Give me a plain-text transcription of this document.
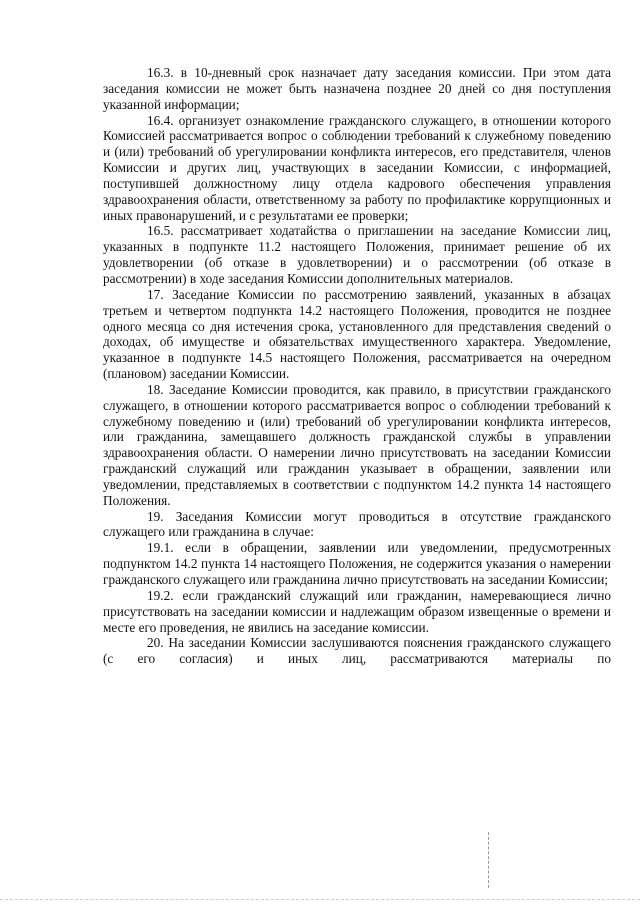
16.3. в 10-дневный срок назначает дату заседания комиссии. При этом дата заседания комиссии не может быть назначена позднее 20 дней со дня поступления указанной информации;

16.4. организует ознакомление гражданского служащего, в отношении которого Комиссией рассматривается вопрос о соблюдении требований к служебному поведению и (или) требований об урегулировании конфликта интересов, его представителя, членов Комиссии и других лиц, участвующих в заседании Комиссии, с информацией, поступившей должностному лицу отдела кадрового обеспечения управления здравоохранения области, ответственному за работу по профилактике коррупционных и иных правонарушений, и с результатами ее проверки;

16.5. рассматривает ходатайства о приглашении на заседание Комиссии лиц, указанных в подпункте 11.2 настоящего Положения, принимает решение об их удовлетворении (об отказе в удовлетворении) и о рассмотрении (об отказе в рассмотрении) в ходе заседания Комиссии дополнительных материалов.

17. Заседание Комиссии по рассмотрению заявлений, указанных в абзацах третьем и четвертом подпункта 14.2 настоящего Положения, проводится не позднее одного месяца со дня истечения срока, установленного для представления сведений о доходах, об имуществе и обязательствах имущественного характера. Уведомление, указанное в подпункте 14.5 настоящего Положения, рассматривается на очередном (плановом) заседании Комиссии.

18. Заседание Комиссии проводится, как правило, в присутствии гражданского служащего, в отношении которого рассматривается вопрос о соблюдении требований к служебному поведению и (или) требований об урегулировании конфликта интересов, или гражданина, замещавшего должность гражданской службы в управлении здравоохранения области. О намерении лично присутствовать на заседании Комиссии гражданский служащий или гражданин указывает в обращении, заявлении или уведомлении, представляемых в соответствии с подпунктом 14.2 пункта 14 настоящего Положения.

19. Заседания Комиссии могут проводиться в отсутствие гражданского служащего или гражданина в случае:

19.1. если в обращении, заявлении или уведомлении, предусмотренных подпунктом 14.2 пункта 14 настоящего Положения, не содержится указания о намерении гражданского служащего или гражданина лично присутствовать на заседании Комиссии;

19.2. если гражданский служащий или гражданин, намеревающиеся лично присутствовать на заседании комиссии и надлежащим образом извещенные о времени и месте его проведения, не явились на заседание комиссии.

20. На заседании Комиссии заслушиваются пояснения гражданского служащего (с его согласия) и иных лиц, рассматриваются материалы по
